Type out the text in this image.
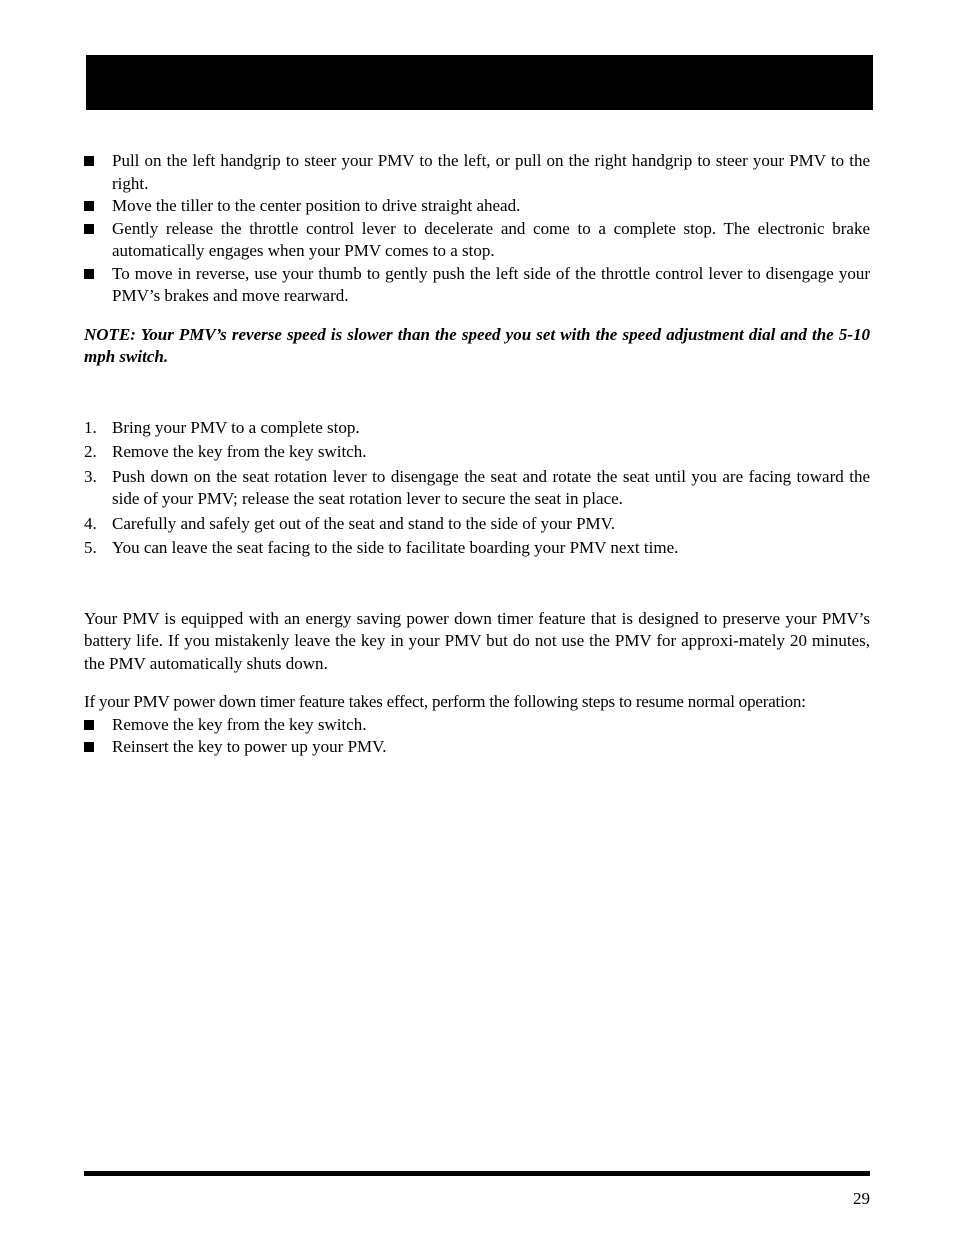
Pull on the left handgrip to steer your PMV to the left, or pull on the right handgrip to steer your PMV to the right.
Move the tiller to the center position to drive straight ahead.
Gently release the throttle control lever to decelerate and come to a complete stop. The electronic brake automatically engages when your PMV comes to a stop.
To move in reverse, use your thumb to gently push the left side of the throttle control lever to disengage your PMV’s brakes and move rearward.

NOTE: Your PMV’s reverse speed is slower than the speed you set with the speed adjustment dial and the 5-10 mph switch.

1. Bring your PMV to a complete stop.
2. Remove the key from the key switch.
3. Push down on the seat rotation lever to disengage the seat and rotate the seat until you are facing toward the side of your PMV; release the seat rotation lever to secure the seat in place.
4. Carefully and safely get out of the seat and stand to the side of your PMV.
5. You can leave the seat facing to the side to facilitate boarding your PMV next time.

Your PMV is equipped with an energy saving power down timer feature that is designed to preserve your PMV’s battery life. If you mistakenly leave the key in your PMV but do not use the PMV for approxi-mately 20 minutes, the PMV automatically shuts down.

If your PMV power down timer feature takes effect, perform the following steps to resume normal operation:

Remove the key from the key switch.
Reinsert the key to power up your PMV.
29
